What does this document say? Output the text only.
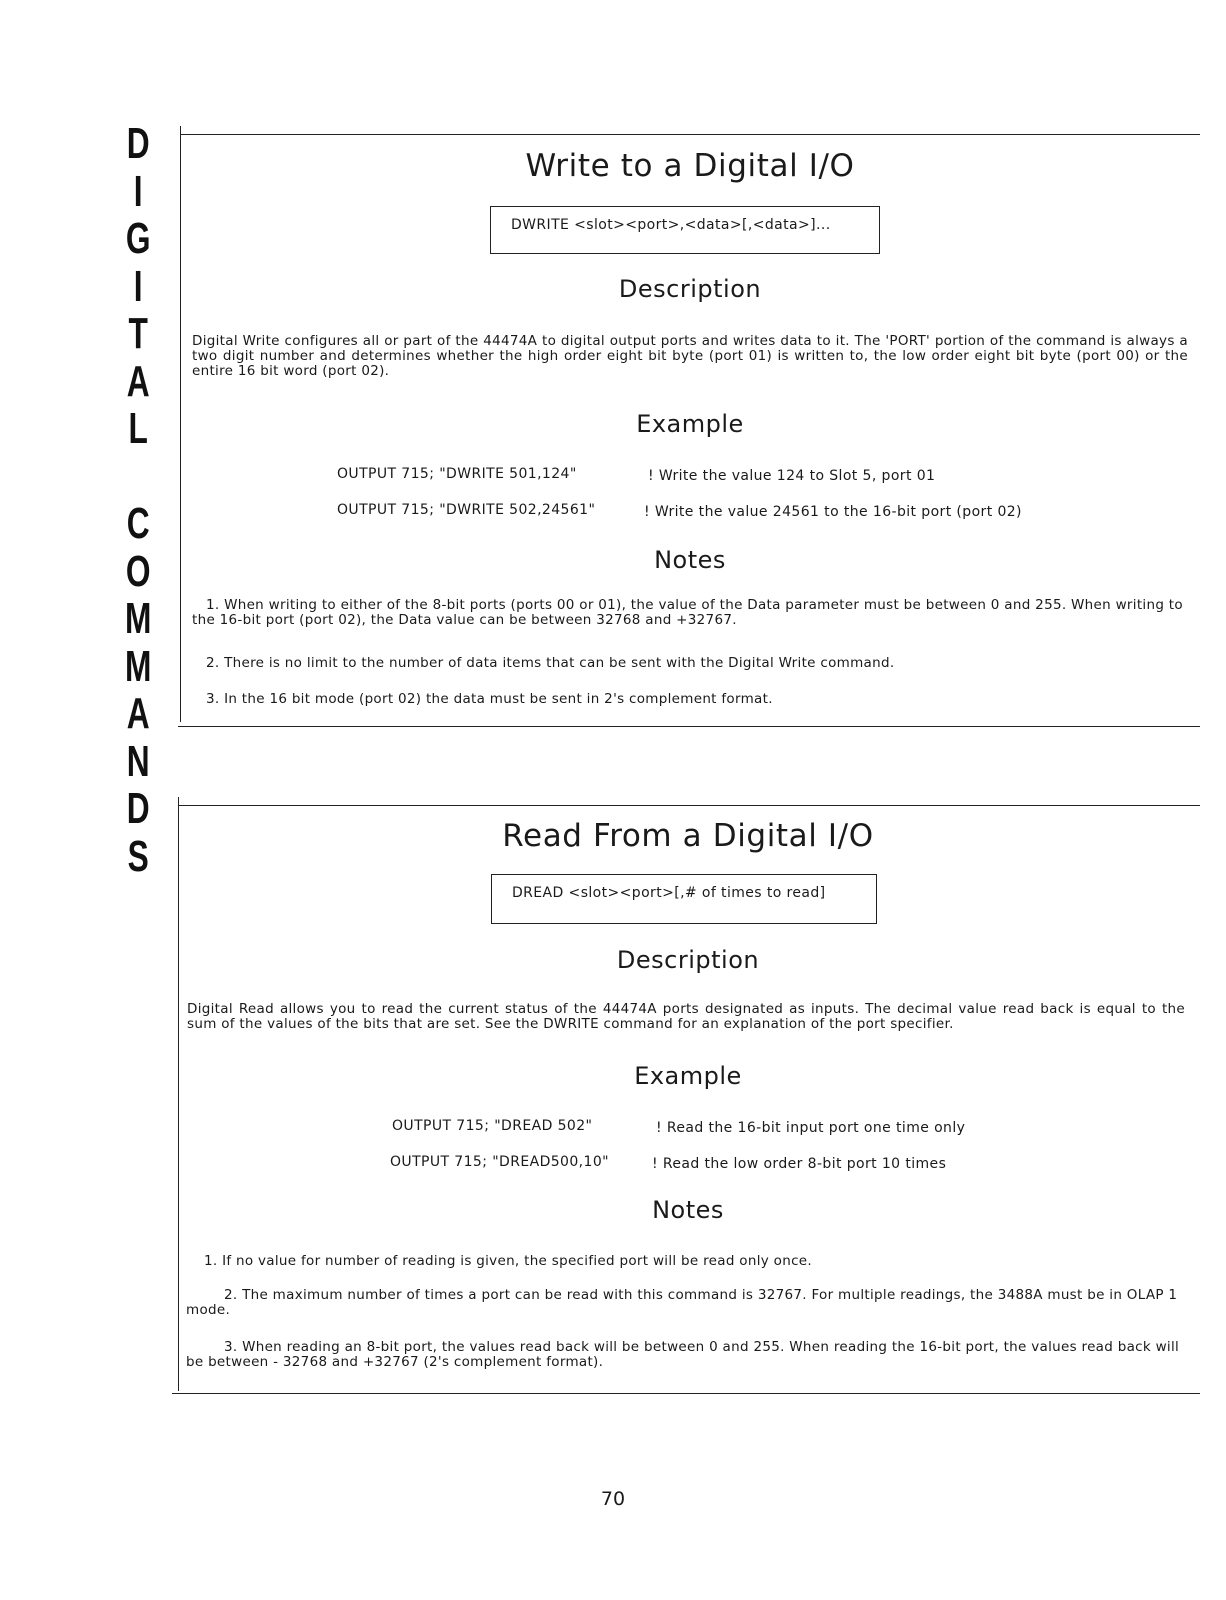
D
I
G
I
T
A
L
C
O
M
M
A
N
D
S
Write to a Digital I/O
DWRITE <slot><port>,<data>[,<data>]...
Description
Digital Write configures all or part of the 44474A to digital output ports and writes data to it. The 'PORT' portion of the command is always a two digit number and determines whether the high order eight bit byte (port 01) is written to, the low order eight bit byte (port 00) or the entire 16 bit word (port 02).
Example
OUTPUT 715; "DWRITE 501,124"	! Write the value 124 to Slot 5, port 01
OUTPUT 715; "DWRITE 502,24561"	! Write the value 24561 to the 16-bit port (port 02)
Notes
1. When writing to either of the 8-bit ports (ports 00 or 01), the value of the Data parameter must be between 0 and 255. When writing to the 16-bit port (port 02), the Data value can be between 32768 and +32767.
2. There is no limit to the number of data items that can be sent with the Digital Write command.
3. In the 16 bit mode (port 02) the data must be sent in 2's complement format.
Read From a Digital I/O
DREAD <slot><port>[,# of times to read]
Description
Digital Read allows you to read the current status of the 44474A ports designated as inputs. The decimal value read back is equal to the sum of the values of the bits that are set. See the DWRITE command for an explanation of the port specifier.
Example
OUTPUT 715; "DREAD 502"	! Read the 16-bit input port one time only
OUTPUT 715; "DREAD500,10"	! Read the low order 8-bit port 10 times
Notes
1. If no value for number of reading is given, the specified port will be read only once.
2. The maximum number of times a port can be read with this command is 32767. For multiple readings, the 3488A must be in OLAP 1 mode.
3. When reading an 8-bit port, the values read back will be between 0 and 255. When reading the 16-bit port, the values read back will be between - 32768 and +32767 (2's complement format).
70
